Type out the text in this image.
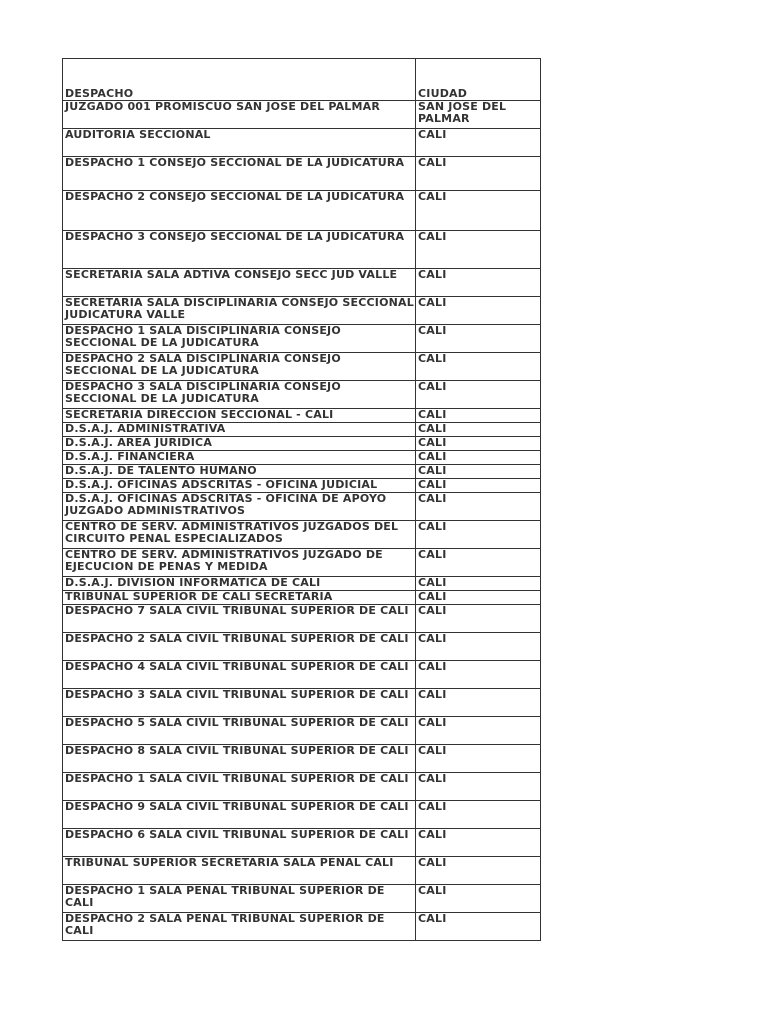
DESPACHO	CIUDAD
JUZGADO 001 PROMISCUO SAN JOSE DEL PALMAR	SAN JOSE DEL PALMAR
AUDITORIA SECCIONAL	CALI
DESPACHO 1 CONSEJO SECCIONAL DE LA JUDICATURA	CALI
DESPACHO 2 CONSEJO SECCIONAL DE LA JUDICATURA	CALI
DESPACHO 3 CONSEJO SECCIONAL DE LA JUDICATURA	CALI
SECRETARIA SALA ADTIVA CONSEJO SECC JUD VALLE	CALI
SECRETARIA SALA DISCIPLINARIA CONSEJO SECCIONAL JUDICATURA VALLE	CALI
DESPACHO 1 SALA DISCIPLINARIA CONSEJO SECCIONAL DE LA JUDICATURA	CALI
DESPACHO 2 SALA DISCIPLINARIA CONSEJO SECCIONAL DE LA JUDICATURA	CALI
DESPACHO 3 SALA DISCIPLINARIA CONSEJO SECCIONAL DE LA JUDICATURA	CALI
SECRETARIA DIRECCION SECCIONAL - CALI	CALI
D.S.A.J. ADMINISTRATIVA	CALI
D.S.A.J. AREA JURIDICA	CALI
D.S.A.J. FINANCIERA	CALI
D.S.A.J. DE TALENTO HUMANO	CALI
D.S.A.J. OFICINAS ADSCRITAS - OFICINA JUDICIAL	CALI
D.S.A.J. OFICINAS ADSCRITAS - OFICINA DE APOYO JUZGADO ADMINISTRATIVOS	CALI
CENTRO DE SERV. ADMINISTRATIVOS JUZGADOS DEL CIRCUITO PENAL ESPECIALIZADOS	CALI
CENTRO DE SERV. ADMINISTRATIVOS JUZGADO DE EJECUCION DE PENAS Y MEDIDA	CALI
D.S.A.J. DIVISION INFORMATICA DE CALI	CALI
TRIBUNAL SUPERIOR DE CALI SECRETARIA	CALI
DESPACHO 7 SALA CIVIL TRIBUNAL SUPERIOR DE CALI	CALI
DESPACHO 2 SALA CIVIL TRIBUNAL SUPERIOR DE CALI	CALI
DESPACHO 4 SALA CIVIL TRIBUNAL SUPERIOR DE CALI	CALI
DESPACHO 3 SALA CIVIL TRIBUNAL SUPERIOR DE CALI	CALI
DESPACHO 5 SALA CIVIL TRIBUNAL SUPERIOR DE CALI	CALI
DESPACHO 8 SALA CIVIL TRIBUNAL SUPERIOR DE CALI	CALI
DESPACHO 1 SALA CIVIL TRIBUNAL SUPERIOR DE CALI	CALI
DESPACHO 9 SALA CIVIL TRIBUNAL SUPERIOR DE CALI	CALI
DESPACHO 6 SALA CIVIL TRIBUNAL SUPERIOR DE CALI	CALI
TRIBUNAL SUPERIOR SECRETARIA SALA PENAL CALI	CALI
DESPACHO 1 SALA PENAL TRIBUNAL SUPERIOR DE CALI	CALI
DESPACHO 2 SALA PENAL TRIBUNAL SUPERIOR DE CALI	CALI
